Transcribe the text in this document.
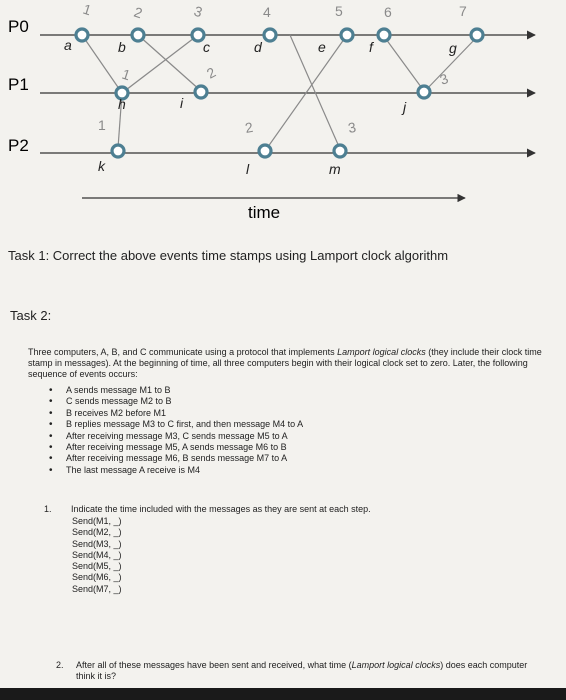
P0
P1
P2
1	2	3	4	5	6	7
1	2	3
1	2	3
a	b	c	d	e	f	g
h	i	j
k	l	m
time
Task 1: Correct the above events time stamps using Lamport clock algorithm
Task 2:
Three computers, A, B, and C communicate using a protocol that implements Lamport logical clocks (they include their clock time stamp in messages). At the beginning of time, all three computers begin with their logical clock set to zero. Later, the following sequence of events occurs:
• A sends message M1 to B
• C sends message M2 to B
• B receives M2 before M1
• B replies message M3 to C first, and then message M4 to A
• After receiving message M3, C sends message M5 to A
• After receiving message M5, A sends message M6 to B
• After receiving message M6, B sends message M7 to A
• The last message A receive is M4
1. Indicate the time included with the messages as they are sent at each step.
Send(M1, _)
Send(M2, _)
Send(M3, _)
Send(M4, _)
Send(M5, _)
Send(M6, _)
Send(M7, _)
2. After all of these messages have been sent and received, what time (Lamport logical clocks) does each computer think it is?
